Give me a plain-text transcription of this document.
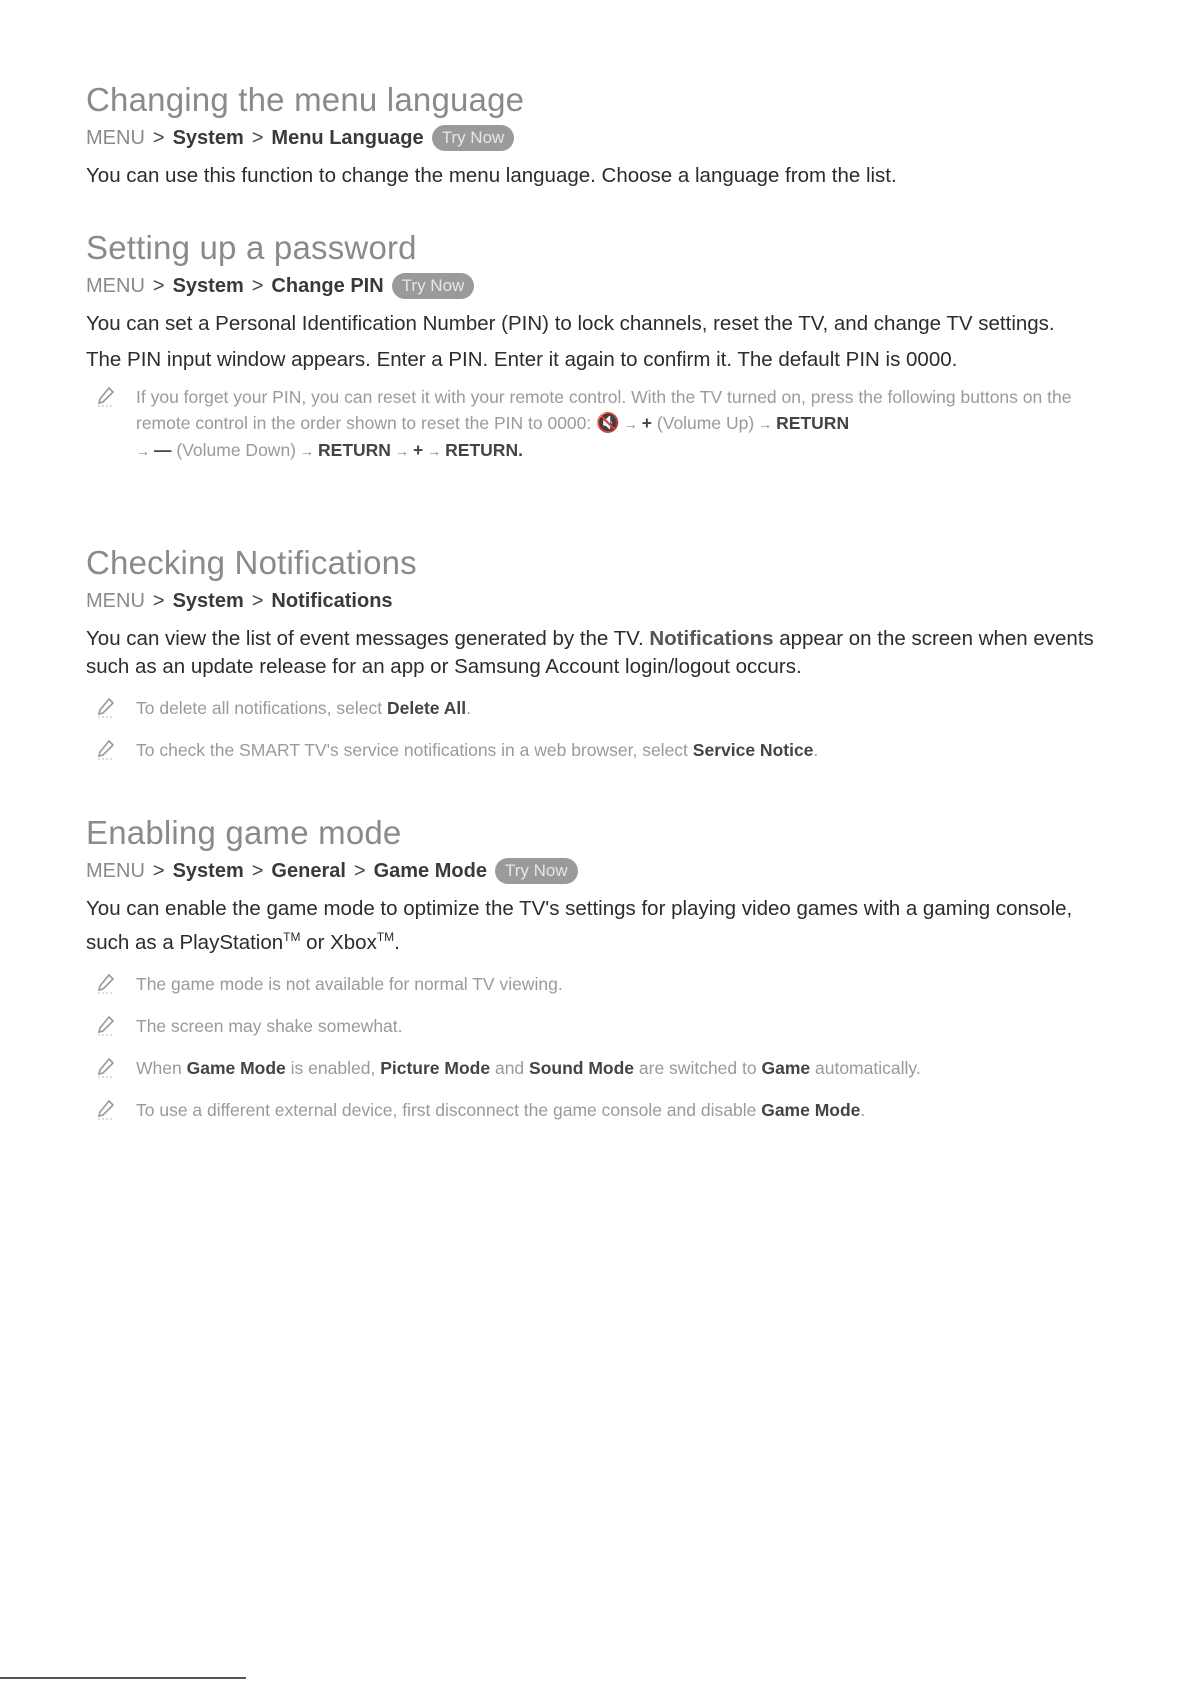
Changing the menu language
MENU > System > Menu Language	Try Now

You can use this function to change the menu language. Choose a language from the list.

Setting up a password
MENU > System > Change PIN	Try Now

You can set a Personal Identification Number (PIN) to lock channels, reset the TV, and change TV settings.

The PIN input window appears. Enter a PIN. Enter it again to confirm it. The default PIN is 0000.

If you forget your PIN, you can reset it with your remote control. With the TV turned on, press the following buttons on the remote control in the order shown to reset the PIN to 0000: 🔇 → + (Volume Up) → RETURN
→ — (Volume Down) → RETURN → + → RETURN.
Checking Notifications
MENU > System > Notifications

You can view the list of event messages generated by the TV. Notifications appear on the screen when events such as an update release for an app or Samsung Account login/logout occurs.

To delete all notifications, select Delete All.
To check the SMART TV's service notifications in a web browser, select Service Notice.
Enabling game mode
MENU > System > General > Game Mode	Try Now

You can enable the game mode to optimize the TV's settings for playing video games with a gaming console, such as a PlayStation™ or Xbox™.

The game mode is not available for normal TV viewing.
The screen may shake somewhat.
When Game Mode is enabled, Picture Mode and Sound Mode are switched to Game automatically.
To use a different external device, first disconnect the game console and disable Game Mode.
